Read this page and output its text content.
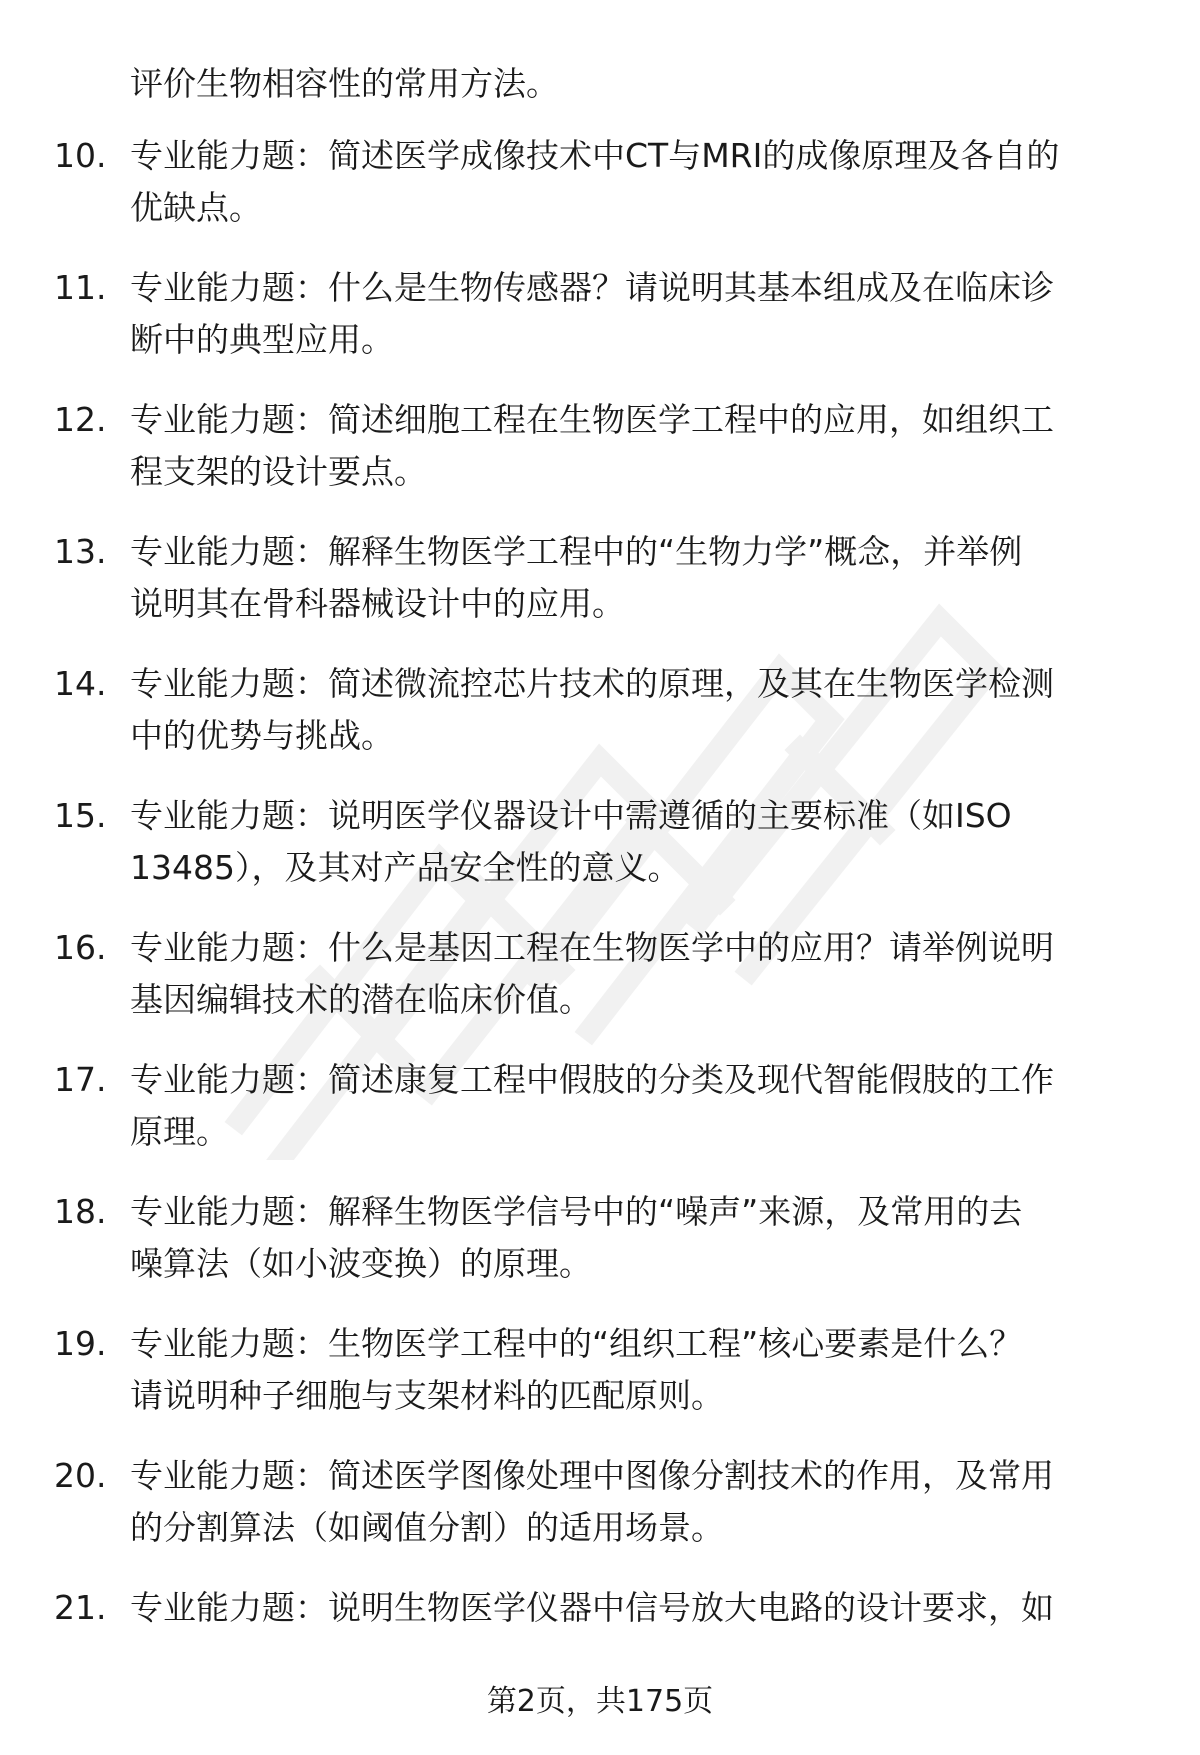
评价生物相容性的常用方法。
10. 专业能力题：简述医学成像技术中CT与MRI的成像原理及各自的
优缺点。
11. 专业能力题：什么是生物传感器？请说明其基本组成及在临床诊
断中的典型应用。
12. 专业能力题：简述细胞工程在生物医学工程中的应用，如组织工
程支架的设计要点。
13. 专业能力题：解释生物医学工程中的“生物力学”概念，并举例
说明其在骨科器械设计中的应用。
14. 专业能力题：简述微流控芯片技术的原理，及其在生物医学检测
中的优势与挑战。
15. 专业能力题：说明医学仪器设计中需遵循的主要标准（如ISO
13485），及其对产品安全性的意义。
16. 专业能力题：什么是基因工程在生物医学中的应用？请举例说明
基因编辑技术的潜在临床价值。
17. 专业能力题：简述康复工程中假肢的分类及现代智能假肢的工作
原理。
18. 专业能力题：解释生物医学信号中的“噪声”来源，及常用的去
噪算法（如小波变换）的原理。
19. 专业能力题：生物医学工程中的“组织工程”核心要素是什么？
请说明种子细胞与支架材料的匹配原则。
20. 专业能力题：简述医学图像处理中图像分割技术的作用，及常用
的分割算法（如阈值分割）的适用场景。
21. 专业能力题：说明生物医学仪器中信号放大电路的设计要求，如
第2页，共175页
